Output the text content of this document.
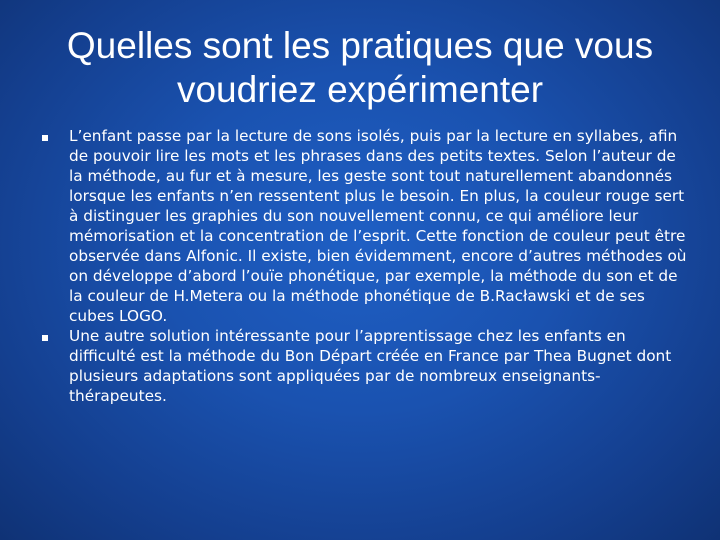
Quelles sont les pratiques que vous voudriez expérimenter
L’enfant passe par la lecture de sons isolés, puis par la lecture en syllabes, afin de pouvoir lire les mots et les phrases dans des petits textes. Selon l’auteur de la méthode, au fur et à mesure, les geste sont tout naturellement abandonnés lorsque les enfants n’en ressentent plus le besoin. En plus, la couleur rouge sert à distinguer les graphies du son nouvellement connu, ce qui améliore leur mémorisation et la concentration de l’esprit. Cette fonction de couleur peut être observée dans Alfonic. Il existe, bien évidemment, encore d’autres méthodes où on développe d’abord l’ouïe phonétique, par exemple, la méthode du son et de la couleur de H.Metera ou la méthode phonétique de B.Racławski et de ses cubes LOGO.
Une autre solution intéressante pour l’apprentissage chez les enfants en difficulté est la méthode du Bon Départ créée en France par Thea Bugnet dont plusieurs adaptations sont appliquées par de nombreux enseignants-thérapeutes.
